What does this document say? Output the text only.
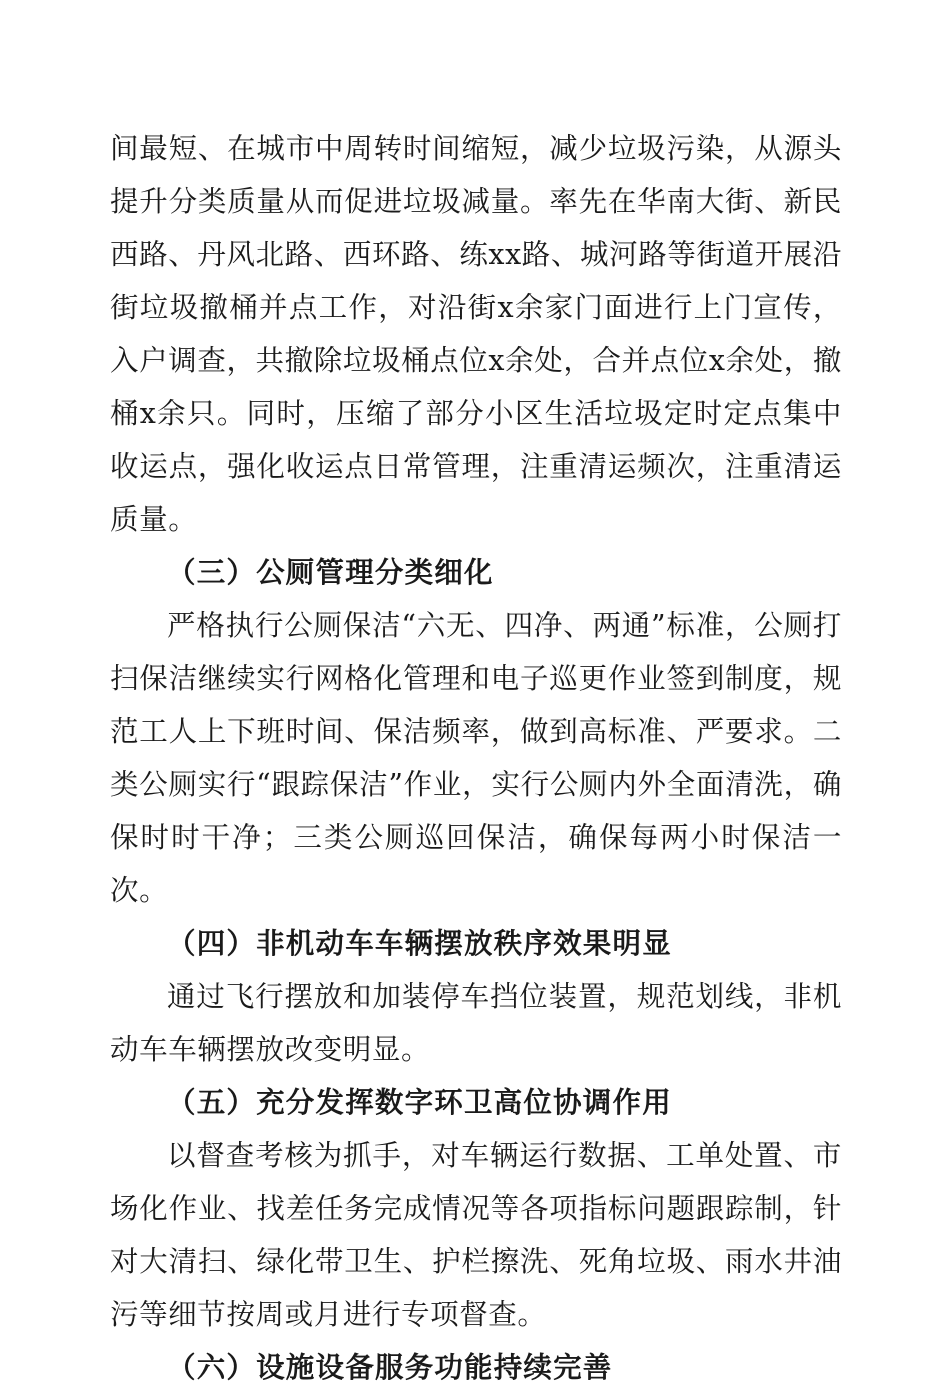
间最短、在城市中周转时间缩短，减少垃圾污染，从源头提升分类质量从而促进垃圾减量。率先在华南大街、新民西路、丹风北路、西环路、练xx路、城河路等街道开展沿街垃圾撤桶并点工作，对沿街x余家门面进行上门宣传，入户调查，共撤除垃圾桶点位x余处，合并点位x余处，撤桶x余只。同时，压缩了部分小区生活垃圾定时定点集中收运点，强化收运点日常管理，注重清运频次，注重清运质量。

（三）公厕管理分类细化

严格执行公厕保洁“六无、四净、两通”标准，公厕打扫保洁继续实行网格化管理和电子巡更作业签到制度，规范工人上下班时间、保洁频率，做到高标准、严要求。二类公厕实行“跟踪保洁”作业，实行公厕内外全面清洗，确保时时干净；三类公厕巡回保洁，确保每两小时保洁一次。

（四）非机动车车辆摆放秩序效果明显

通过飞行摆放和加装停车挡位装置，规范划线，非机动车车辆摆放改变明显。

（五）充分发挥数字环卫高位协调作用

以督查考核为抓手，对车辆运行数据、工单处置、市场化作业、找差任务完成情况等各项指标问题跟踪制，针对大清扫、绿化带卫生、护栏擦洗、死角垃圾、雨水井油污等细节按周或月进行专项督查。

（六）设施设备服务功能持续完善
